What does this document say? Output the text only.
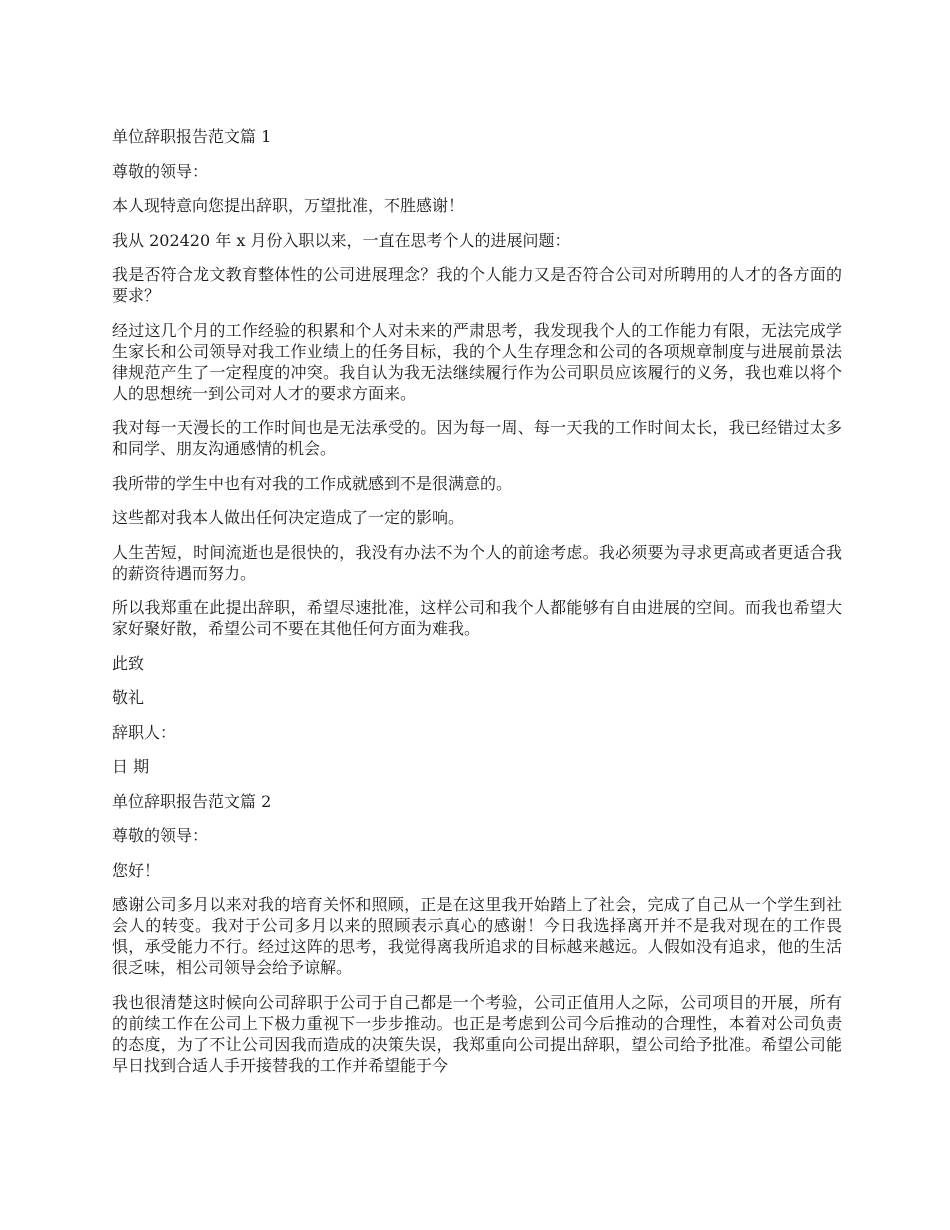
单位辞职报告范文篇 1

尊敬的领导：

本人现特意向您提出辞职，万望批准，不胜感谢！

我从 202420 年 x 月份入职以来，一直在思考个人的进展问题：

我是否符合龙文教育整体性的公司进展理念？我的个人能力又是否符合公司对所聘用的人才的各方面的要求？

经过这几个月的工作经验的积累和个人对未来的严肃思考，我发现我个人的工作能力有限，无法完成学生家长和公司领导对我工作业绩上的任务目标，我的个人生存理念和公司的各项规章制度与进展前景法律规范产生了一定程度的冲突。我自认为我无法继续履行作为公司职员应该履行的义务，我也难以将个人的思想统一到公司对人才的要求方面来。

我对每一天漫长的工作时间也是无法承受的。因为每一周、每一天我的工作时间太长，我已经错过太多和同学、朋友沟通感情的机会。

我所带的学生中也有对我的工作成就感到不是很满意的。

这些都对我本人做出任何决定造成了一定的影响。

人生苦短，时间流逝也是很快的，我没有办法不为个人的前途考虑。我必须要为寻求更高或者更适合我的薪资待遇而努力。

所以我郑重在此提出辞职，希望尽速批准，这样公司和我个人都能够有自由进展的空间。而我也希望大家好聚好散，希望公司不要在其他任何方面为难我。

此致

敬礼

辞职人：

日 期

单位辞职报告范文篇 2

尊敬的领导：

您好！

感谢公司多月以来对我的培育关怀和照顾，正是在这里我开始踏上了社会，完成了自己从一个学生到社会人的转变。我对于公司多月以来的照顾表示真心的感谢！今日我选择离开并不是我对现在的工作畏惧，承受能力不行。经过这阵的思考，我觉得离我所追求的目标越来越远。人假如没有追求，他的生活很乏味，相公司领导会给予谅解。

我也很清楚这时候向公司辞职于公司于自己都是一个考验，公司正值用人之际，公司项目的开展，所有的前续工作在公司上下极力重视下一步步推动。也正是考虑到公司今后推动的合理性，本着对公司负责的态度，为了不让公司因我而造成的决策失误，我郑重向公司提出辞职，望公司给予批准。希望公司能早日找到合适人手开接替我的工作并希望能于今
